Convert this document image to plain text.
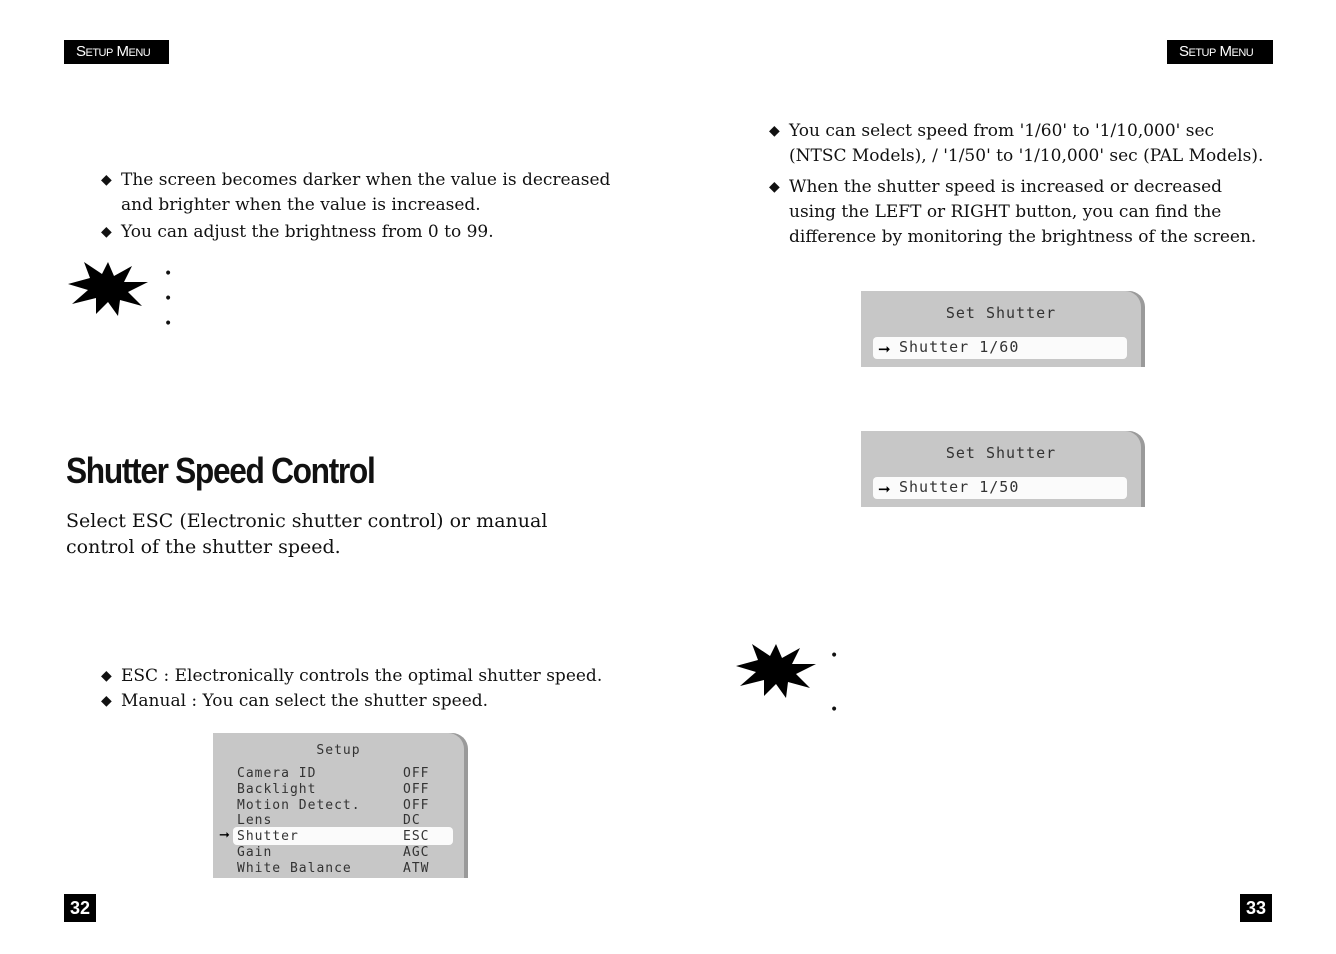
Setup Menu	Setup Menu
◆ The screen becomes darker when the value is decreased and brighter when the value is increased.
◆ You can adjust the brightness from 0 to 99.
•
•
•
Shutter Speed Control
Select ESC (Electronic shutter control) or manual control of the shutter speed.
◆ ESC : Electronically controls the optimal shutter speed.
◆ Manual : You can select the shutter speed.
Setup
➞
Camera ID	OFF
Backlight	OFF
Motion Detect.	OFF
Lens	DC
Shutter	ESC
Gain	AGC
White Balance	ATW
32
◆ You can select speed from '1/60' to '1/10,000' sec (NTSC Models), / '1/50' to '1/10,000' sec (PAL Models).
◆ When the shutter speed is increased or decreased using the LEFT or RIGHT button, you can find the difference by monitoring the brightness of the screen.
Set Shutter
➞ Shutter 1/60
Set Shutter
➞ Shutter 1/50
•
•
33
